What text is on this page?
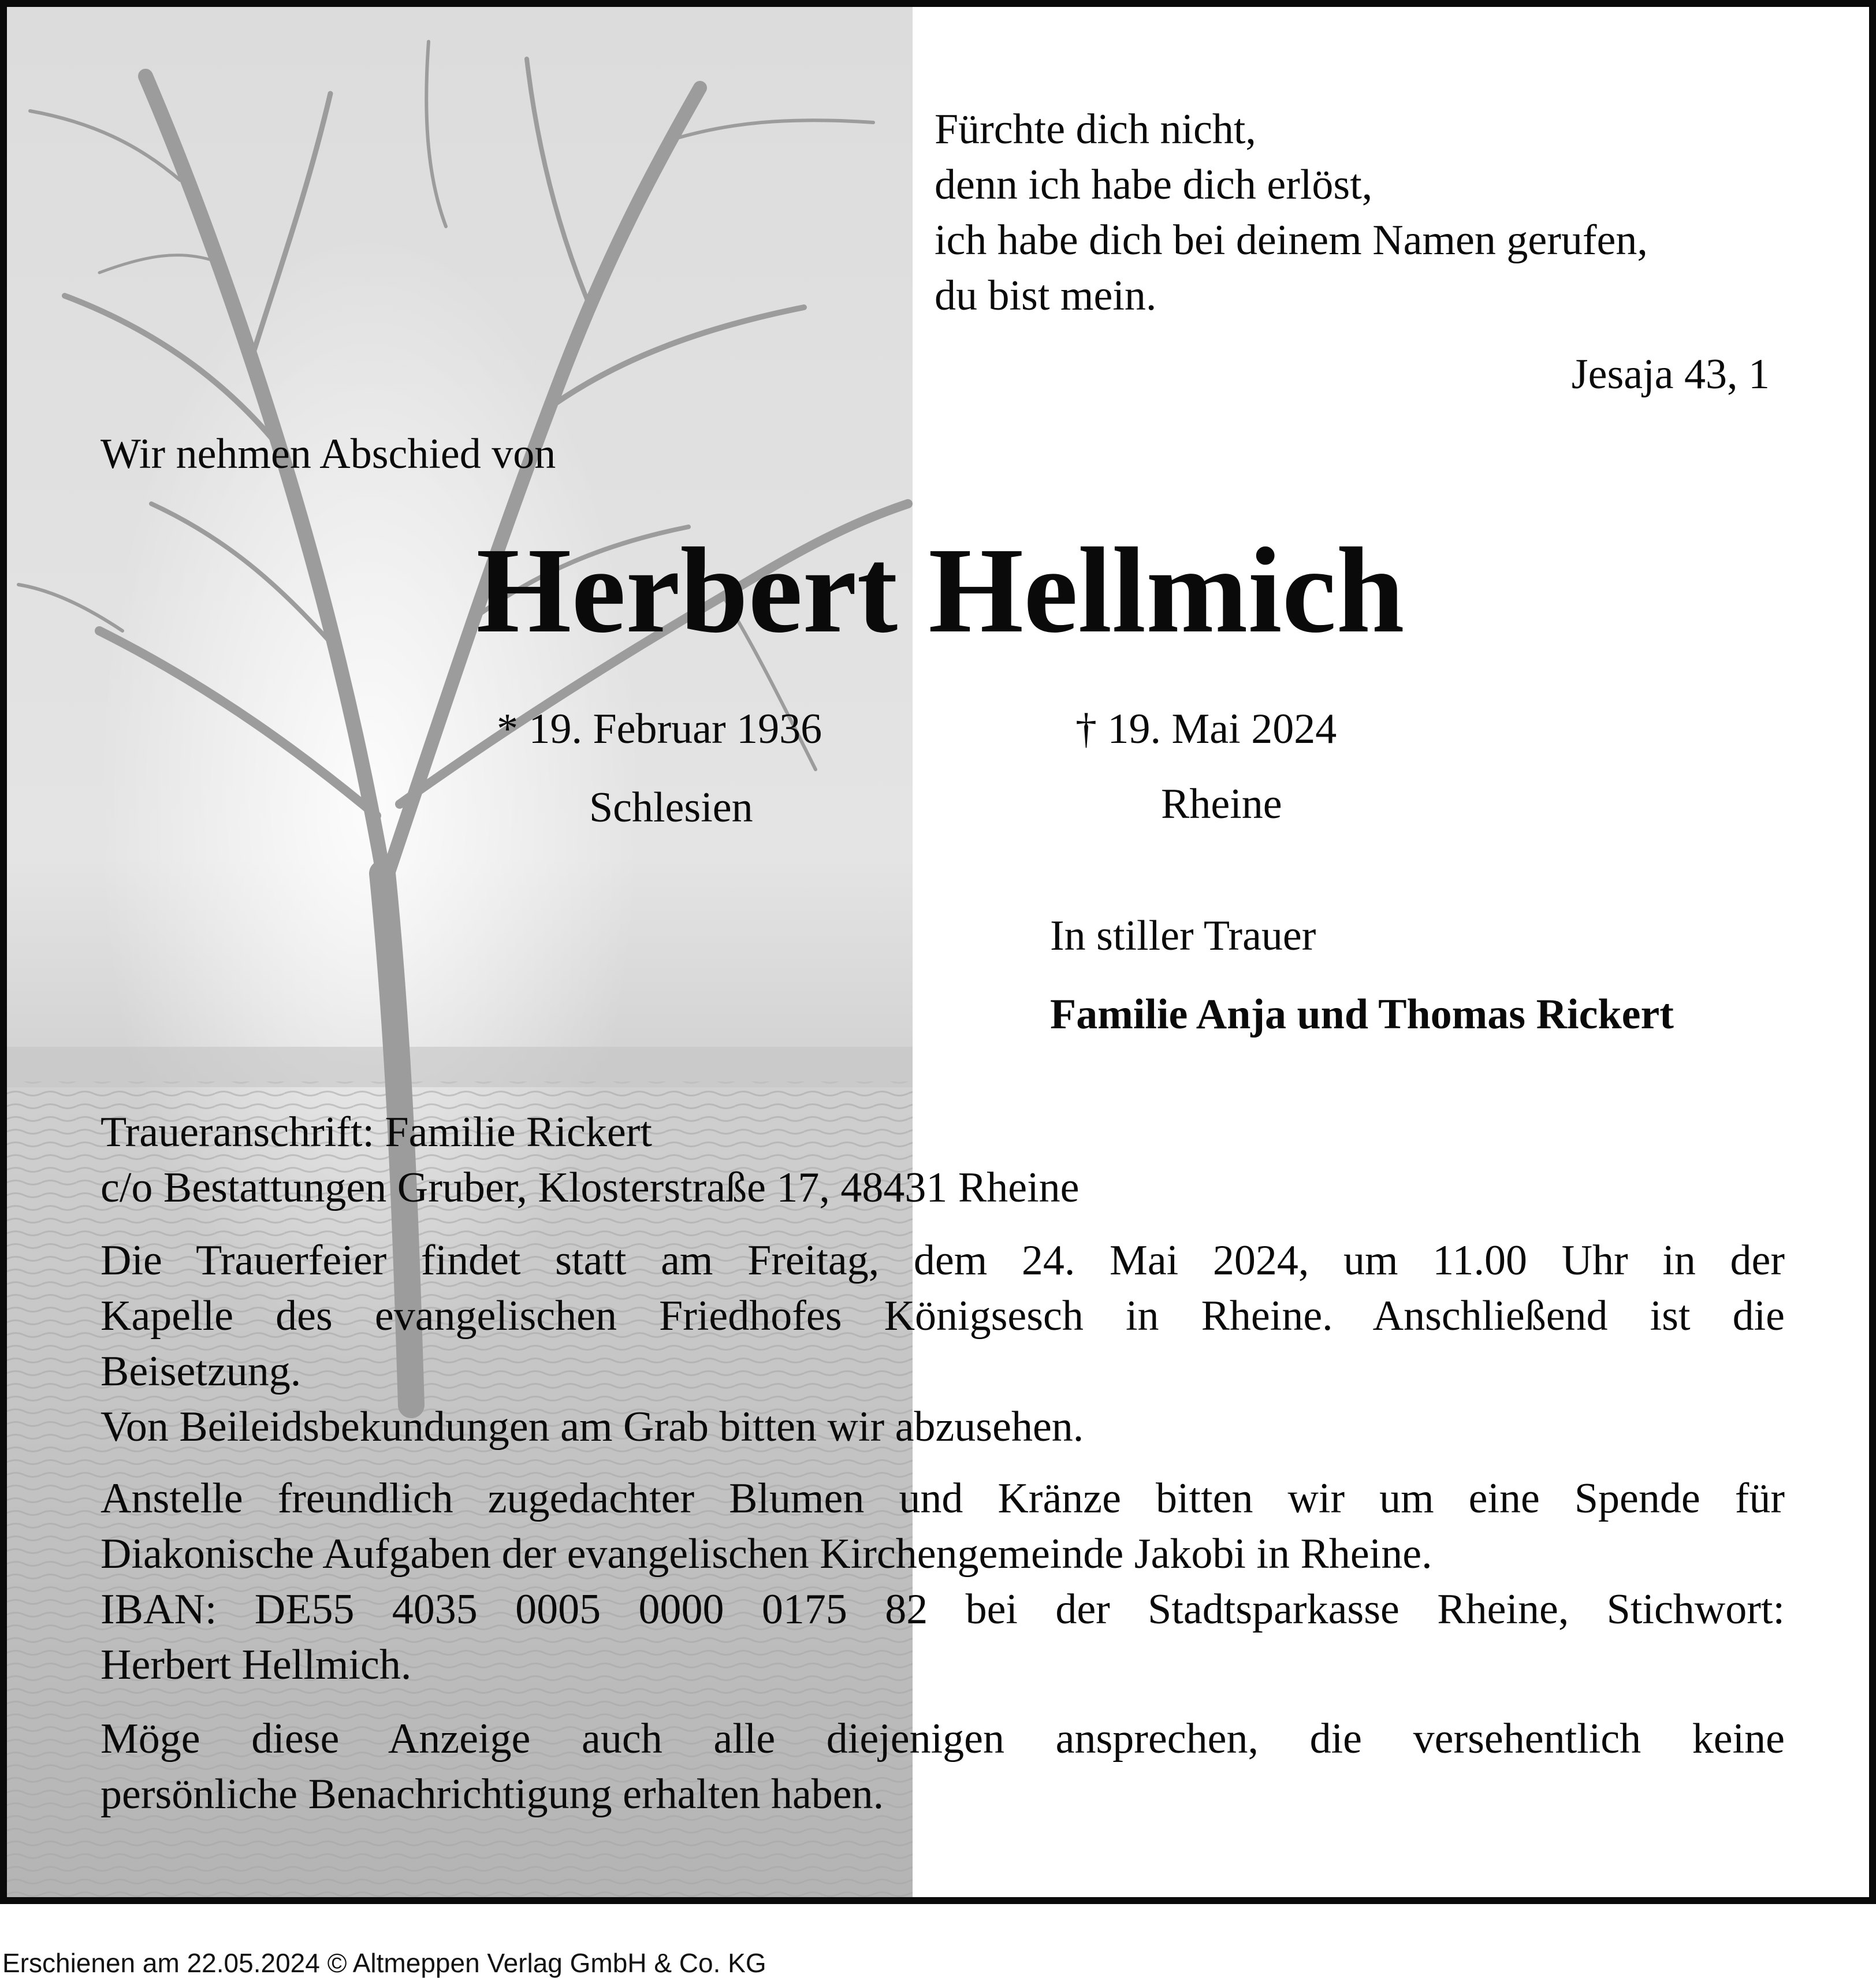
Fürchte dich nicht,
denn ich habe dich erlöst,
ich habe dich bei deinem Namen gerufen,
du bist mein.

Jesaja 43, 1

Wir nehmen Abschied von

Herbert Hellmich

* 19. Februar 1936	† 19. Mai 2024

Schlesien	Rheine

In stiller Trauer

Familie Anja und Thomas Rickert

Traueranschrift: Familie Rickert
c/o Bestattungen Gruber, Klosterstraße 17, 48431 Rheine
Die Trauerfeier findet statt am Freitag, dem 24. Mai 2024, um 11.00 Uhr in der
Kapelle des evangelischen Friedhofes Königsesch in Rheine. Anschließend ist die
Beisetzung.
Von Beileidsbekundungen am Grab bitten wir abzusehen.
Anstelle freundlich zugedachter Blumen und Kränze bitten wir um eine Spende für
Diakonische Aufgaben der evangelischen Kirchengemeinde Jakobi in Rheine.
IBAN: DE55 4035 0005 0000 0175 82 bei der Stadtsparkasse Rheine, Stichwort:
Herbert Hellmich.
Möge diese Anzeige auch alle diejenigen ansprechen, die versehentlich keine
persönliche Benachrichtigung erhalten haben.

Erschienen am 22.05.2024 © Altmeppen Verlag GmbH & Co. KG
